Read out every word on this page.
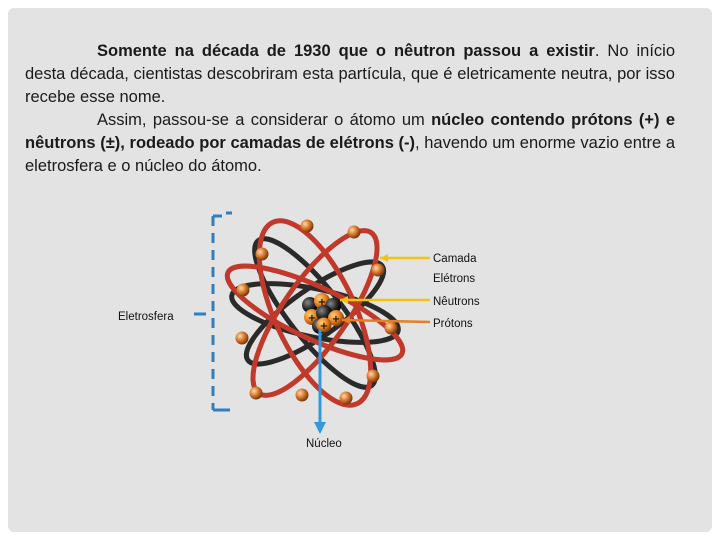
Somente na década de 1930 que o nêutron passou a existir. No início desta década, cientistas descobriram esta partícula, que é eletricamente neutra, por isso recebe esse nome.

Assim, passou-se a considerar o átomo um núcleo contendo prótons (+) e nêutrons (±), rodeado por camadas de elétrons (-), havendo um enorme vazio entre a eletrosfera e o núcleo do átomo.

+
+ +
+
Camada
Elétrons
Nêutrons
Prótons
Eletrosfera
Núcleo
